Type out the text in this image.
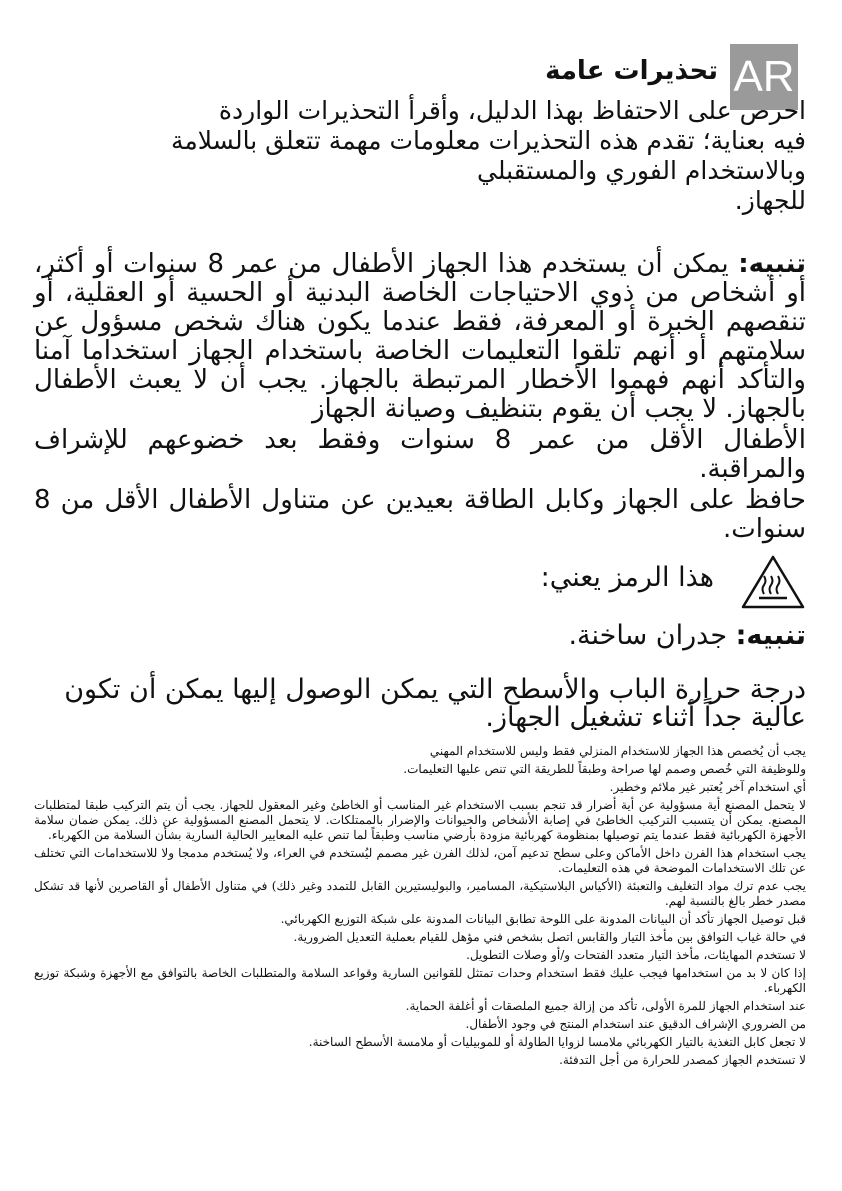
AR
تحذيرات عامة

احرص على الاحتفاظ بهذا الدليل، وأقرأ التحذيرات الواردة

فيه بعناية؛ تقدم هذه التحذيرات معلومات مهمة تتعلق بالسلامة

وبالاستخدام الفوري والمستقبلي

للجهاز.

تنبيه: يمكن أن يستخدم هذا الجهاز الأطفال من عمر 8 سنوات أو أكثر، أو أشخاص من ذوي الاحتياجات الخاصة البدنية أو الحسية أو العقلية، أو تنقصهم الخبرة أو المعرفة، فقط عندما يكون هناك شخص مسؤول عن سلامتهم أو أنهم تلقوا التعليمات الخاصة باستخدام الجهاز استخداما آمنا والتأكد أنهم فهموا الأخطار المرتبطة بالجهاز. يجب أن لا يعبث الأطفال بالجهاز. لا يجب أن يقوم بتنظيف وصيانة الجهاز

الأطفال الأقل من عمر 8 سنوات وفقط بعد خضوعهم للإشراف والمراقبة.

حافظ على الجهاز وكابل الطاقة بعيدين عن متناول الأطفال الأقل من 8 سنوات.

هذا الرمز يعني:
تنبيه: جدران ساخنة.
درجة حرارة الباب والأسطح التي يمكن الوصول إليها يمكن أن تكون عالية جداً أثناء تشغيل الجهاز.

يجب أن يُخصص هذا الجهاز للاستخدام المنزلي فقط وليس للاستخدام المهني

وللوظيفة التي خُصص وصمم لها صراحة وطبقاً للطريقة التي تنص عليها التعليمات.

أي استخدام آخر يُعتبر غير ملائم وخطير.

لا يتحمل المصنع أية مسؤولية عن أية أضرار قد تنجم بسبب الاستخدام غير المناسب أو الخاطئ وغير المعقول للجهاز. يجب أن يتم التركيب طبقا لمتطلبات المصنع. يمكن أن يتسبب التركيب الخاطئ في إصابة الأشخاص والحيوانات والإضرار بالممتلكات. لا يتحمل المصنع المسؤولية عن ذلك. يمكن ضمان سلامة الأجهزة الكهربائية فقط عندما يتم توصيلها بمنظومة كهربائية مزودة بأرضي مناسب وطبقاً لما تنص عليه المعايير الحالية السارية بشأن السلامة من الكهرباء.

يجب استخدام هذا الفرن داخل الأماكن وعلى سطح تدعيم آمن، لذلك الفرن غير مصمم ليُستخدم في العراء، ولا يُستخدم مدمجا ولا للاستخدامات التي تختلف عن تلك الاستخدامات الموضحة في هذه التعليمات.

يجب عدم ترك مواد التغليف والتعبئة (الأكياس البلاستيكية، المسامير، والبوليستيرين القابل للتمدد وغير ذلك) في متناول الأطفال أو القاصرين لأنها قد تشكل مصدر خطر بالغ بالنسبة لهم.

قبل توصيل الجهاز تأكد أن البيانات المدونة على اللوحة تطابق البيانات المدونة على شبكة التوزيع الكهربائي.

في حالة غياب التوافق بين مأخذ التيار والقابس اتصل بشخص فني مؤهل للقيام بعملية التعديل الضرورية.

لا تستخدم المهايئات، مأخذ التيار متعدد الفتحات و/أو وصلات التطويل.

إذا كان لا بد من استخدامها فيجب عليك فقط استخدام وحدات تمتثل للقوانين السارية وقواعد السلامة والمتطلبات الخاصة بالتوافق مع الأجهزة وشبكة توزيع الكهرباء.

عند استخدام الجهاز للمرة الأولى، تأكد من إزالة جميع الملصقات أو أغلفة الحماية.

من الضروري الإشراف الدقيق عند استخدام المنتج في وجود الأطفال.

لا تجعل كابل التغذية بالتيار الكهربائي ملامسا لزوايا الطاولة أو للموبيليات أو ملامسة الأسطح الساخنة.

لا تستخدم الجهاز كمصدر للحرارة من أجل التدفئة.
